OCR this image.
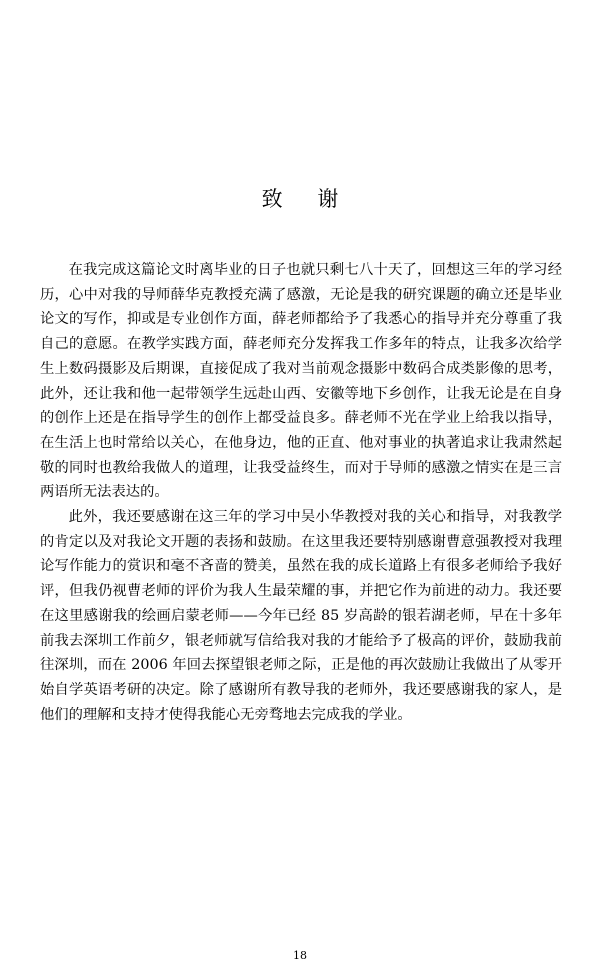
致 谢

在我完成这篇论文时离毕业的日子也就只剩七八十天了，回想这三年的学习经历，心中对我的导师薛华克教授充满了感激，无论是我的研究课题的确立还是毕业论文的写作，抑或是专业创作方面，薛老师都给予了我悉心的指导并充分尊重了我自己的意愿。在教学实践方面，薛老师充分发挥我工作多年的特点，让我多次给学生上数码摄影及后期课，直接促成了我对当前观念摄影中数码合成类影像的思考，此外，还让我和他一起带领学生远赴山西、安徽等地下乡创作，让我无论是在自身的创作上还是在指导学生的创作上都受益良多。薛老师不光在学业上给我以指导，在生活上也时常给以关心，在他身边，他的正直、他对事业的执著追求让我肃然起敬的同时也教给我做人的道理，让我受益终生，而对于导师的感激之情实在是三言两语所无法表达的。

此外，我还要感谢在这三年的学习中吴小华教授对我的关心和指导，对我教学的肯定以及对我论文开题的表扬和鼓励。在这里我还要特别感谢曹意强教授对我理论写作能力的赏识和毫不吝啬的赞美，虽然在我的成长道路上有很多老师给予我好评，但我仍视曹老师的评价为我人生最荣耀的事，并把它作为前进的动力。我还要在这里感谢我的绘画启蒙老师——今年已经 85 岁高龄的银若湖老师，早在十多年前我去深圳工作前夕，银老师就写信给我对我的才能给予了极高的评价，鼓励我前往深圳，而在 2006 年回去探望银老师之际，正是他的再次鼓励让我做出了从零开始自学英语考研的决定。除了感谢所有教导我的老师外，我还要感谢我的家人，是他们的理解和支持才使得我能心无旁骛地去完成我的学业。

18
